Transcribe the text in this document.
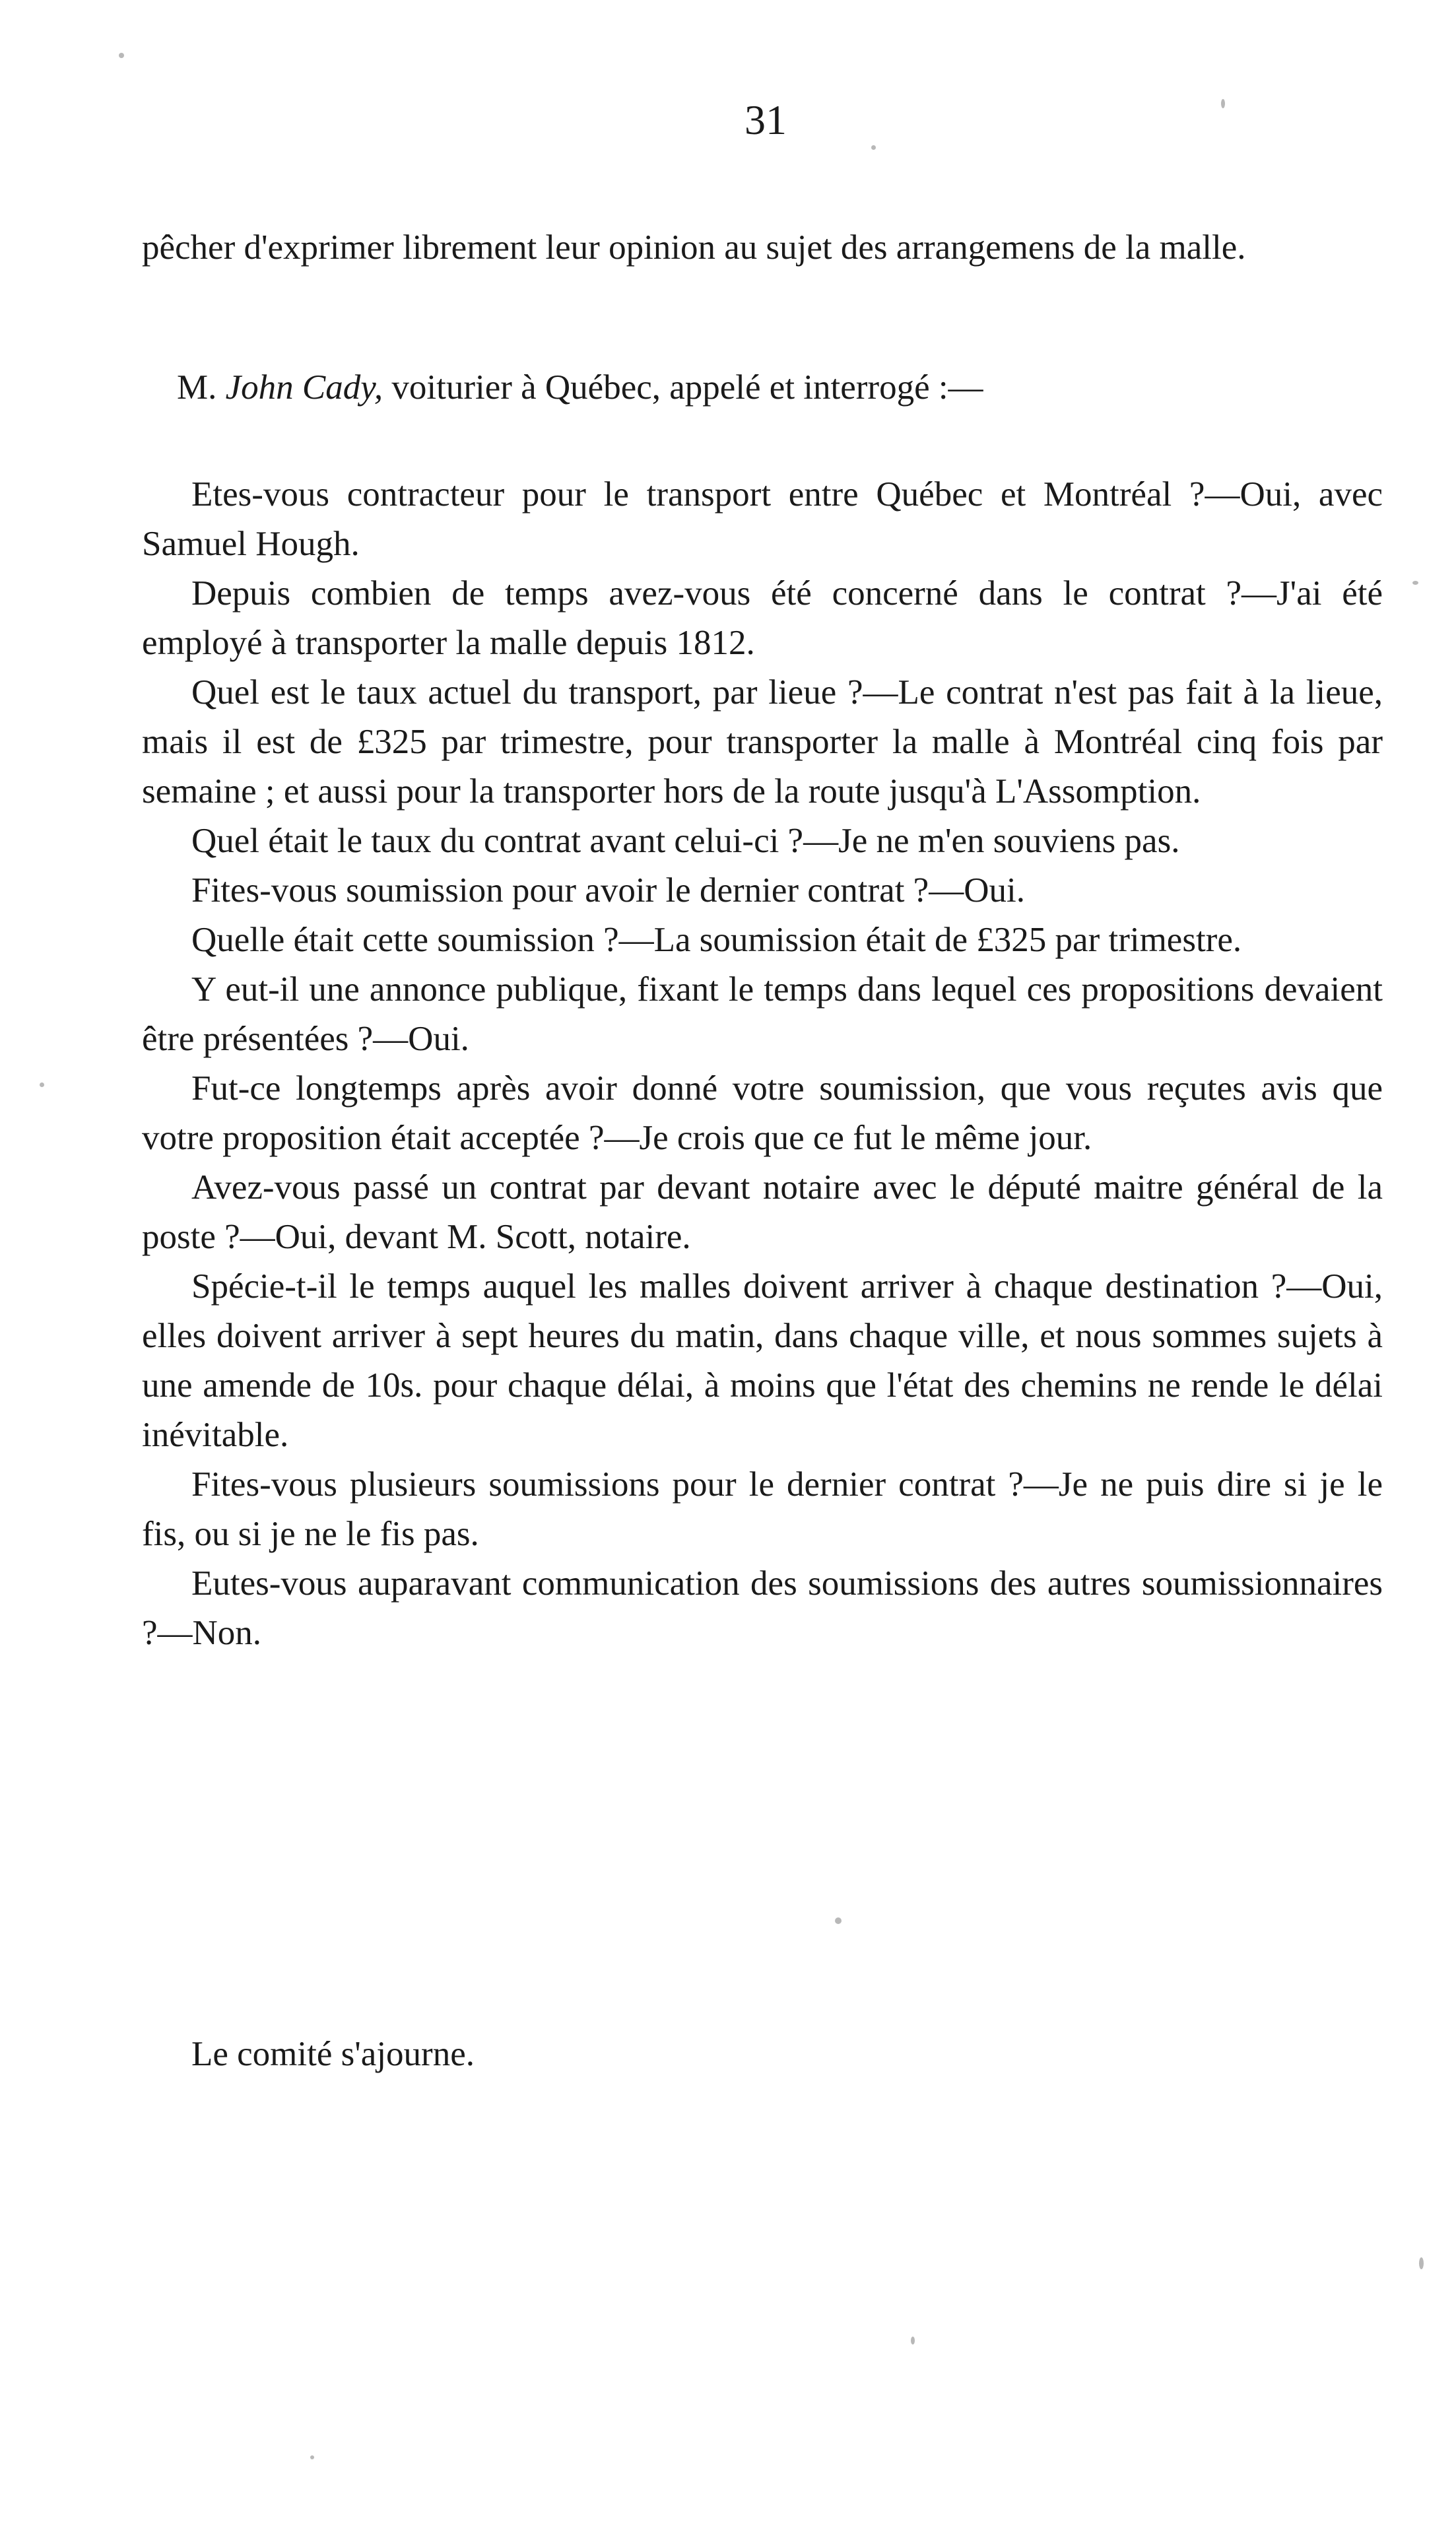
31

pêcher d'exprimer librement leur opinion au sujet des arrangemens de la malle.

M. John Cady, voiturier à Québec, appelé et interrogé :—

Etes-vous contracteur pour le transport entre Québec et Montréal ?—Oui, avec Samuel Hough.

Depuis combien de temps avez-vous été concerné dans le contrat ?—J'ai été employé à transporter la malle depuis 1812.

Quel est le taux actuel du transport, par lieue ?—Le contrat n'est pas fait à la lieue, mais il est de £325 par trimestre, pour transporter la malle à Montréal cinq fois par semaine ; et aussi pour la transporter hors de la route jusqu'à L'Assomption.

Quel était le taux du contrat avant celui-ci ?—Je ne m'en souviens pas.

Fites-vous soumission pour avoir le dernier contrat ?—Oui.

Quelle était cette soumission ?—La soumission était de £325 par trimestre.

Y eut-il une annonce publique, fixant le temps dans lequel ces propositions devaient être présentées ?—Oui.

Fut-ce longtemps après avoir donné votre soumission, que vous reçutes avis que votre proposition était acceptée ?—Je crois que ce fut le même jour.

Avez-vous passé un contrat par devant notaire avec le député maitre général de la poste ?—Oui, devant M. Scott, notaire.

Spécie-t-il le temps auquel les malles doivent arriver à chaque destination ?—Oui, elles doivent arriver à sept heures du matin, dans chaque ville, et nous sommes sujets à une amende de 10s. pour chaque délai, à moins que l'état des chemins ne rende le délai inévitable.

Fites-vous plusieurs soumissions pour le dernier contrat ?—Je ne puis dire si je le fis, ou si je ne le fis pas.

Eutes-vous auparavant communication des soumissions des autres soumissionnaires ?—Non.

Le comité s'ajourne.
